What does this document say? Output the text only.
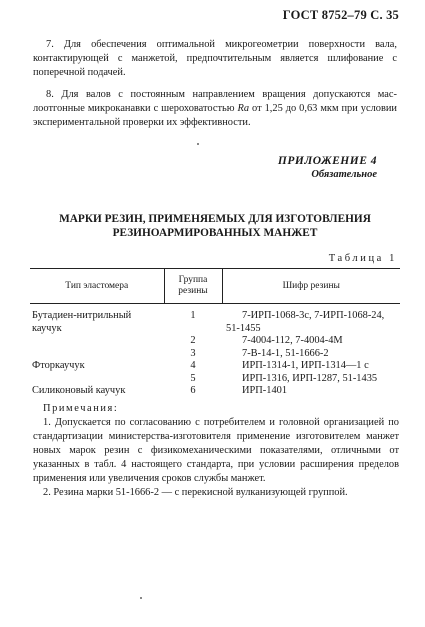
ГОСТ 8752–79 С. 35
7. Для обеспечения оптимальной микрогеометрии поверхности вала, контактирующей с манжетой, предпочтительным является шлифование с поперечной подачей.
8. Для валов с постоянным направлением вращения допускаются маслоотгонные микроканавки с шероховатостью Ra от 1,25 до 0,63 мкм при условии экспериментальной проверки их эффективности.
ПРИЛОЖЕНИЕ 4
Обязательное
МАРКИ РЕЗИН, ПРИМЕНЯЕМЫХ ДЛЯ ИЗГОТОВЛЕНИЯ
РЕЗИНОАРМИРОВАННЫХ МАНЖЕТ
Таблица 1
Тип эластомера	Группа резины	Шифр резины
Бутадиен-нитрильный каучук	1	7-ИРП-1068-3с, 7-ИРП-1068-24, 51-1455
	2	7-4004-112, 7-4004-4М
	3	7-В-14-1, 51-1666-2
Фторкаучук	4	ИРП-1314-1, ИРП-1314—1 с
	5	ИРП-1316, ИРП-1287, 51-1435
Силиконовый каучук	6	ИРП-1401
Примечания:

1. Допускается по согласованию с потребителем и головной организацией по стандартизации министерства-изготовителя применение изготовителем манжет новых марок резин с физикомеханическими показателями, отличными от указанных в табл. 4 настоящего стандарта, при условии расширения пределов применения или увеличения сроков службы манжет.

2. Резина марки 51-1666-2 — с перекисной вулканизующей группой.
